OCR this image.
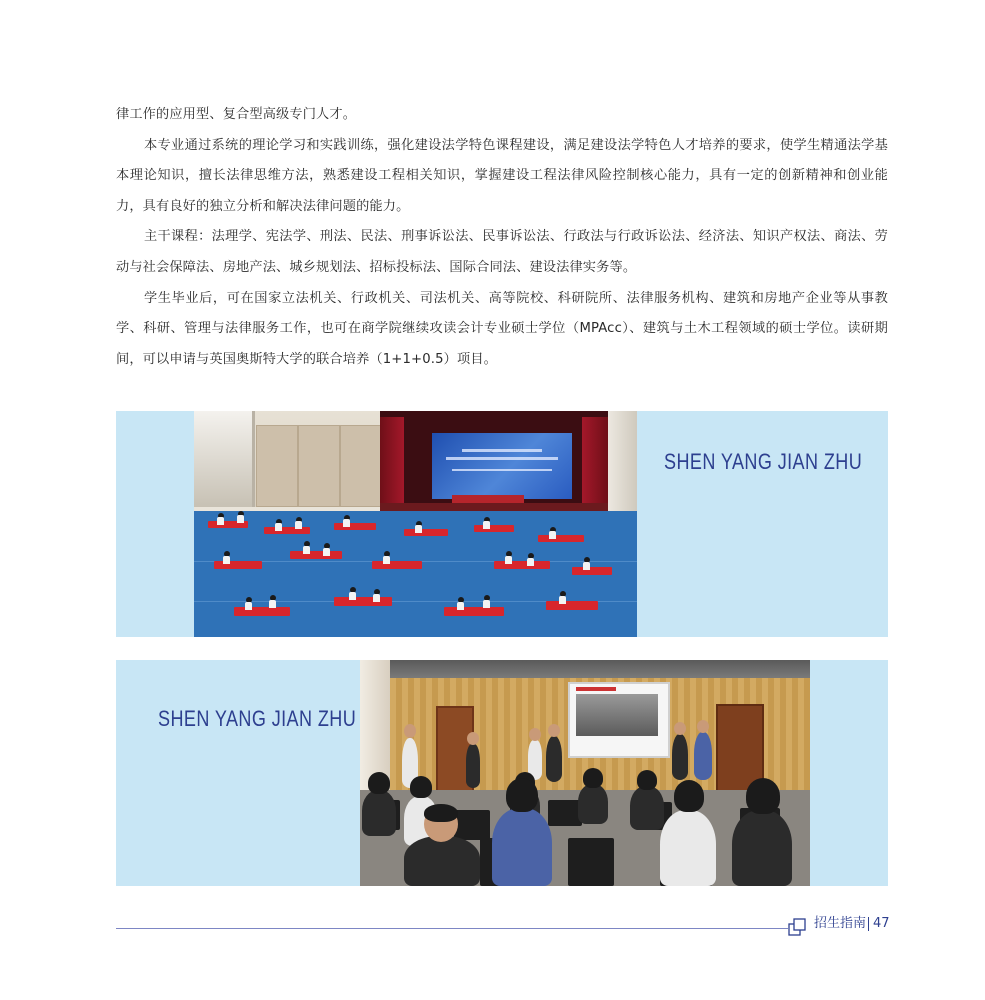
律工作的应用型、复合型高级专门人才。

本专业通过系统的理论学习和实践训练，强化建设法学特色课程建设，满足建设法学特色人才培养的要求，使学生精通法学基本理论知识，擅长法律思维方法，熟悉建设工程相关知识，掌握建设工程法律风险控制核心能力，具有一定的创新精神和创业能力，具有良好的独立分析和解决法律问题的能力。

主干课程：法理学、宪法学、刑法、民法、刑事诉讼法、民事诉讼法、行政法与行政诉讼法、经济法、知识产权法、商法、劳动与社会保障法、房地产法、城乡规划法、招标投标法、国际合同法、建设法律实务等。

学生毕业后，可在国家立法机关、行政机关、司法机关、高等院校、科研院所、法律服务机构、建筑和房地产企业等从事教学、科研、管理与法律服务工作，也可在商学院继续攻读会计专业硕士学位（MPAcc）、建筑与土木工程领域的硕士学位。读研期间，可以申请与英国奥斯特大学的联合培养（1+1+0.5）项目。

SHEN YANG JIAN ZHU
SHEN YANG JIAN ZHU
招生指南 47
